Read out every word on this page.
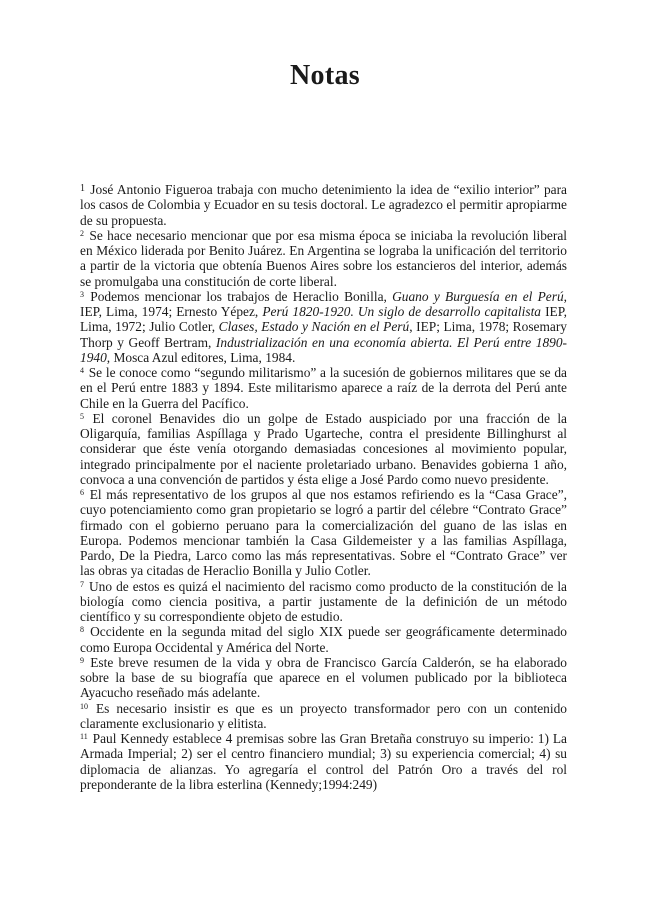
Notas

$^1$ José Antonio Figueroa trabaja con mucho detenimiento la idea de “exilio interior” para los casos de Colombia y Ecuador en su tesis doctoral. Le agradezco el permitir apropiarme de su propuesta.

$^2$ Se hace necesario mencionar que por esa misma época se iniciaba la revolución liberal en México liderada por Benito Juárez. En Argentina se lograba la unificación del territorio a partir de la victoria que obtenía Buenos Aires sobre los estancieros del interior, además se promulgaba una constitución de corte liberal.

$^3$ Podemos mencionar los trabajos de Heraclio Bonilla, Guano y Burguesía en el Perú, IEP, Lima, 1974; Ernesto Yépez, Perú 1820-1920. Un siglo de desarrollo capitalista IEP, Lima, 1972; Julio Cotler, Clases, Estado y Nación en el Perú, IEP; Lima, 1978; Rosemary Thorp y Geoff Bertram, Industrialización en una economía abierta. El Perú entre 1890-1940, Mosca Azul editores, Lima, 1984.

$^4$ Se le conoce como “segundo militarismo” a la sucesión de gobiernos militares que se da en el Perú entre 1883 y 1894. Este militarismo aparece a raíz de la derrota del Perú ante Chile en la Guerra del Pacífico.

$^5$ El coronel Benavides dio un golpe de Estado auspiciado por una fracción de la Oligarquía, familias Aspíllaga y Prado Ugarteche, contra el presidente Billinghurst al considerar que éste venía otorgando demasiadas concesiones al movimiento popular, integrado principalmente por el naciente proletariado urbano. Benavides gobierna 1 año, convoca a una convención de partidos y ésta elige a José Pardo como nuevo presidente.

$^6$ El más representativo de los grupos al que nos estamos refiriendo es la “Casa Grace”, cuyo potenciamiento como gran propietario se logró a partir del célebre “Contrato Grace” firmado con el gobierno peruano para la comercialización del guano de las islas en Europa. Podemos mencionar también la Casa Gildemeister y a las familias Aspíllaga, Pardo, De la Piedra, Larco como las más representativas. Sobre el “Contrato Grace” ver las obras ya citadas de Heraclio Bonilla y Julio Cotler.

$^7$ Uno de estos es quizá el nacimiento del racismo como producto de la constitución de la biología como ciencia positiva, a partir justamente de la definición de un método científico y su correspondiente objeto de estudio.

$^8$ Occidente en la segunda mitad del siglo XIX puede ser geográficamente determinado como Europa Occidental y América del Norte.

$^9$ Este breve resumen de la vida y obra de Francisco García Calderón, se ha elaborado sobre la base de su biografía que aparece en el volumen publicado por la biblioteca Ayacucho reseñado más adelante.

$^{10}$ Es necesario insistir es que es un proyecto transformador pero con un contenido claramente exclusionario y elitista.

$^{11}$ Paul Kennedy establece 4 premisas sobre las Gran Bretaña construyo su imperio: 1) La Armada Imperial; 2) ser el centro financiero mundial; 3) su experiencia comercial; 4) su diplomacia de alianzas. Yo agregaría el control del Patrón Oro a través del rol preponderante de la libra esterlina (Kennedy;1994:249)
